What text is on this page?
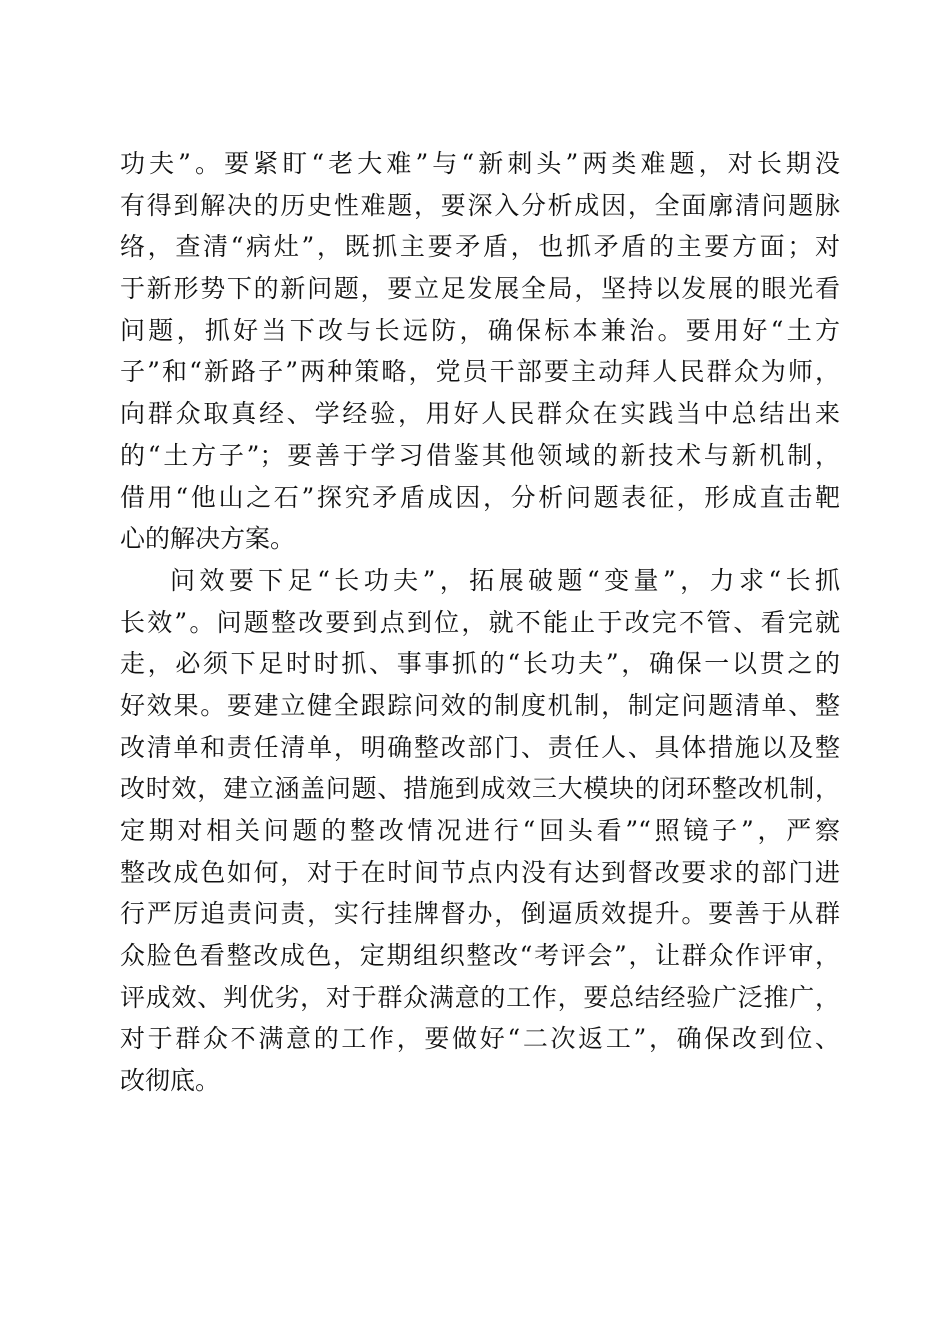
功夫”。要紧盯“老大难”与“新刺头”两类难题，对长期没
有得到解决的历史性难题，要深入分析成因，全面廓清问题脉
络，查清“病灶”，既抓主要矛盾，也抓矛盾的主要方面；对
于新形势下的新问题，要立足发展全局，坚持以发展的眼光看
问题，抓好当下改与长远防，确保标本兼治。要用好“土方
子”和“新路子”两种策略，党员干部要主动拜人民群众为师，
向群众取真经、学经验，用好人民群众在实践当中总结出来
的“土方子”；要善于学习借鉴其他领域的新技术与新机制，
借用“他山之石”探究矛盾成因，分析问题表征，形成直击靶
心的解决方案。
问效要下足“长功夫”，拓展破题“变量”，力求“长抓
长效”。问题整改要到点到位，就不能止于改完不管、看完就
走，必须下足时时抓、事事抓的“长功夫”，确保一以贯之的
好效果。要建立健全跟踪问效的制度机制，制定问题清单、整
改清单和责任清单，明确整改部门、责任人、具体措施以及整
改时效，建立涵盖问题、措施到成效三大模块的闭环整改机制，
定期对相关问题的整改情况进行“回头看”“照镜子”，严察
整改成色如何，对于在时间节点内没有达到督改要求的部门进
行严厉追责问责，实行挂牌督办，倒逼质效提升。要善于从群
众脸色看整改成色，定期组织整改“考评会”，让群众作评审，
评成效、判优劣，对于群众满意的工作，要总结经验广泛推广，
对于群众不满意的工作，要做好“二次返工”，确保改到位、
改彻底。
